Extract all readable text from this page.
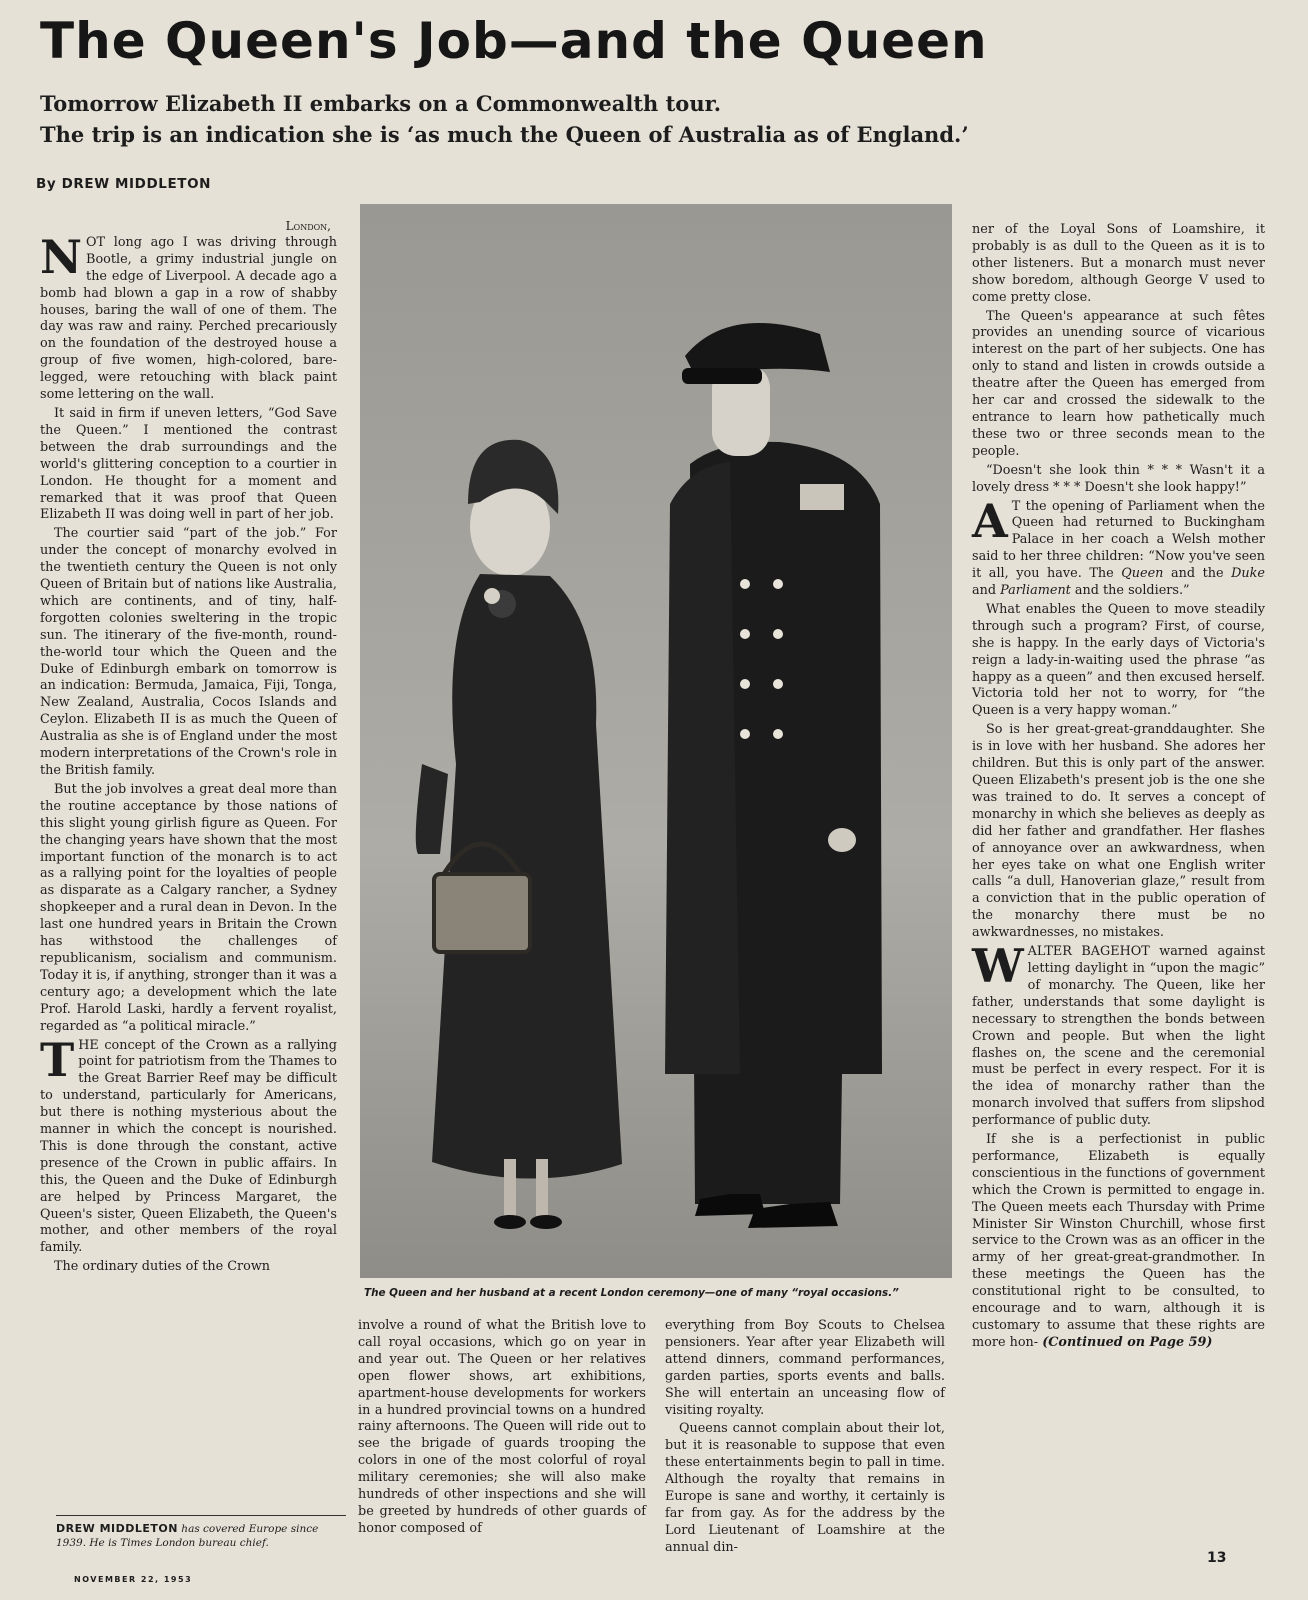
The Queen's Job—and the Queen
Tomorrow Elizabeth II embarks on a Commonwealth tour.
The trip is an indication she is ‘as much the Queen of Australia as of England.’
By DREW MIDDLETON
London,

NOT long ago I was driving through Bootle, a grimy industrial jungle on the edge of Liverpool. A decade ago a bomb had blown a gap in a row of shabby houses, baring the wall of one of them. The day was raw and rainy. Perched precariously on the foundation of the destroyed house a group of five women, high-colored, bare-legged, were retouching with black paint some lettering on the wall.

It said in firm if uneven letters, “God Save the Queen.” I mentioned the contrast between the drab surroundings and the world's glittering conception to a courtier in London. He thought for a moment and remarked that it was proof that Queen Elizabeth II was doing well in part of her job.

The courtier said “part of the job.” For under the concept of monarchy evolved in the twentieth century the Queen is not only Queen of Britain but of nations like Australia, which are continents, and of tiny, half-forgotten colonies sweltering in the tropic sun. The itinerary of the five-month, round-the-world tour which the Queen and the Duke of Edinburgh embark on tomorrow is an indication: Bermuda, Jamaica, Fiji, Tonga, New Zealand, Australia, Cocos Islands and Ceylon. Elizabeth II is as much the Queen of Australia as she is of England under the most modern interpretations of the Crown's role in the British family.

But the job involves a great deal more than the routine acceptance by those nations of this slight young girlish figure as Queen. For the changing years have shown that the most important function of the monarch is to act as a rallying point for the loyalties of people as disparate as a Calgary rancher, a Sydney shopkeeper and a rural dean in Devon. In the last one hundred years in Britain the Crown has withstood the challenges of republicanism, socialism and communism. Today it is, if anything, stronger than it was a century ago; a development which the late Prof. Harold Laski, hardly a fervent royalist, regarded as “a political miracle.”

THE concept of the Crown as a rallying point for patriotism from the Thames to the Great Barrier Reef may be difficult to understand, particularly for Americans, but there is nothing mysterious about the manner in which the concept is nourished. This is done through the constant, active presence of the Crown in public affairs. In this, the Queen and the Duke of Edinburgh are helped by Princess Margaret, the Queen's sister, Queen Elizabeth, the Queen's mother, and other members of the royal family.

The ordinary duties of the Crown

The Queen and her husband at a recent London ceremony—one of many “royal occasions.”

involve a round of what the British love to call royal occasions, which go on year in and year out. The Queen or her relatives open flower shows, art exhibitions, apartment-house developments for workers in a hundred provincial towns on a hundred rainy afternoons. The Queen will ride out to see the brigade of guards trooping the colors in one of the most colorful of royal military ceremonies; she will also make hundreds of other inspections and she will be greeted by hundreds of other guards of honor composed of

everything from Boy Scouts to Chelsea pensioners. Year after year Elizabeth will attend dinners, command performances, garden parties, sports events and balls. She will entertain an unceasing flow of visiting royalty.

Queens cannot complain about their lot, but it is reasonable to suppose that even these entertainments begin to pall in time. Although the royalty that remains in Europe is sane and worthy, it certainly is far from gay. As for the address by the Lord Lieutenant of Loamshire at the annual din-

ner of the Loyal Sons of Loamshire, it probably is as dull to the Queen as it is to other listeners. But a monarch must never show boredom, although George V used to come pretty close.

The Queen's appearance at such fêtes provides an unending source of vicarious interest on the part of her subjects. One has only to stand and listen in crowds outside a theatre after the Queen has emerged from her car and crossed the sidewalk to the entrance to learn how pathetically much these two or three seconds mean to the people.

“Doesn't she look thin * * * Wasn't it a lovely dress * * * Doesn't she look happy!”

A T the opening of Parliament when the Queen had returned to Buckingham Palace in her coach a Welsh mother said to her three children: “Now you've seen it all, you have. The Queen and the Duke and Parliament and the soldiers.”

What enables the Queen to move steadily through such a program? First, of course, she is happy. In the early days of Victoria's reign a lady-in-waiting used the phrase “as happy as a queen” and then excused herself. Victoria told her not to worry, for “the Queen is a very happy woman.”

So is her great-great-granddaughter. She is in love with her husband. She adores her children. But this is only part of the answer. Queen Elizabeth's present job is the one she was trained to do. It serves a concept of monarchy in which she believes as deeply as did her father and grandfather. Her flashes of annoyance over an awkwardness, when her eyes take on what one English writer calls “a dull, Hanoverian glaze,” result from a conviction that in the public operation of the monarchy there must be no awkwardnesses, no mistakes.

WALTER BAGEHOT warned against letting daylight in “upon the magic” of monarchy. The Queen, like her father, understands that some daylight is necessary to strengthen the bonds between Crown and people. But when the light flashes on, the scene and the ceremonial must be perfect in every respect. For it is the idea of monarchy rather than the monarch involved that suffers from slipshod performance of public duty.

If she is a perfectionist in public performance, Elizabeth is equally conscientious in the functions of government which the Crown is permitted to engage in. The Queen meets each Thursday with Prime Minister Sir Winston Churchill, whose first service to the Crown was as an officer in the army of her great-great-grandmother. In these meetings the Queen has the constitutional right to be consulted, to encourage and to warn, although it is customary to assume that these rights are more hon- (Continued on Page 59)

DREW MIDDLETON has covered Europe since 1939. He is Times London bureau chief.
NOVEMBER 22, 1953
13
